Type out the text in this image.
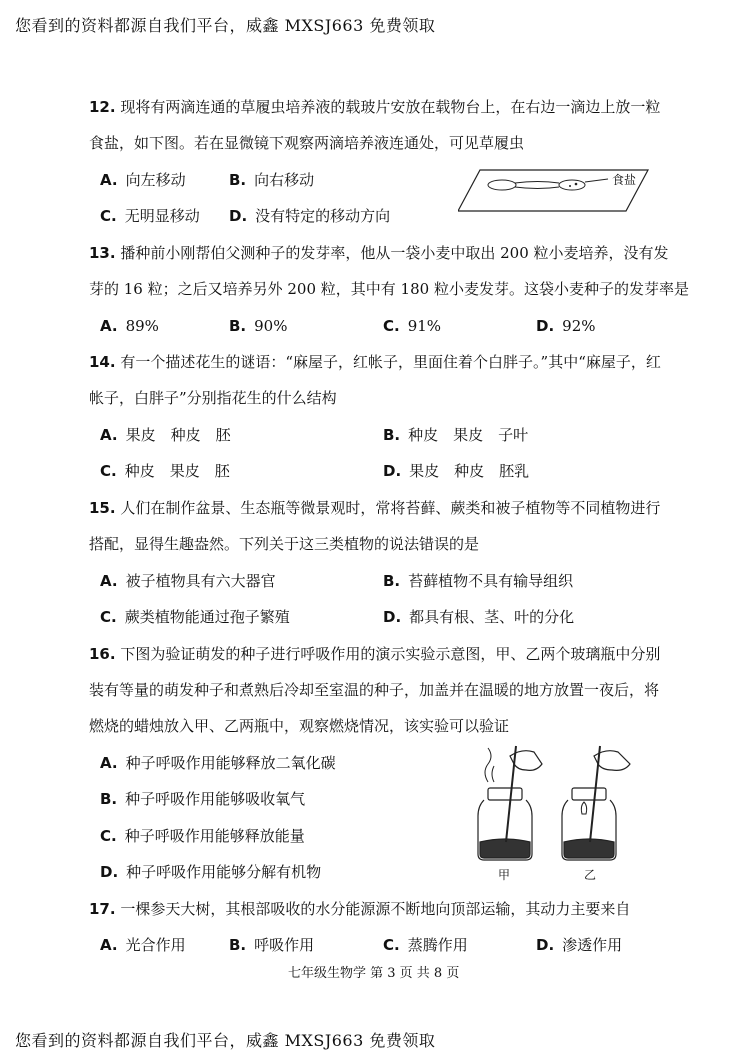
您看到的资料都源自我们平台，威鑫 MXSJ663 免费领取
12. 现将有两滴连通的草履虫培养液的载玻片安放在载物台上，在右边一滴边上放一粒
食盐，如下图。若在显微镜下观察两滴培养液连通处，可见草履虫
A. 向左移动	B. 向右移动
C. 无明显移动 D. 没有特定的移动方向
食盐
13. 播种前小刚帮伯父测种子的发芽率，他从一袋小麦中取出 200 粒小麦培养，没有发
芽的 16 粒；之后又培养另外 200 粒，其中有 180 粒小麦发芽。这袋小麦种子的发芽率是
A. 89%	B. 90%	C. 91%	D. 92%
14. 有一个描述花生的谜语：“麻屋子，红帐子，里面住着个白胖子。”其中“麻屋子，红
帐子，白胖子”分别指花生的什么结构
A. 果皮　种皮　胚	B. 种皮　果皮　子叶
C. 种皮　果皮　胚	D. 果皮　种皮　胚乳
15. 人们在制作盆景、生态瓶等微景观时，常将苔藓、蕨类和被子植物等不同植物进行
搭配，显得生趣盎然。下列关于这三类植物的说法错误的是
A. 被子植物具有六大器官	B. 苔藓植物不具有输导组织
C. 蕨类植物能通过孢子繁殖	D. 都具有根、茎、叶的分化
16. 下图为验证萌发的种子进行呼吸作用的演示实验示意图，甲、乙两个玻璃瓶中分别
装有等量的萌发种子和煮熟后冷却至室温的种子，加盖并在温暖的地方放置一夜后，将
燃烧的蜡烛放入甲、乙两瓶中，观察燃烧情况，该实验可以验证
A. 种子呼吸作用能够释放二氧化碳
B. 种子呼吸作用能够吸收氧气
C. 种子呼吸作用能够释放能量
D. 种子呼吸作用能够分解有机物	甲	乙
17. 一棵参天大树，其根部吸收的水分能源源不断地向顶部运输，其动力主要来自
A. 光合作用	B. 呼吸作用	C. 蒸腾作用	D. 渗透作用
七年级生物学 第 3 页 共 8 页
您看到的资料都源自我们平台，威鑫 MXSJ663 免费领取
